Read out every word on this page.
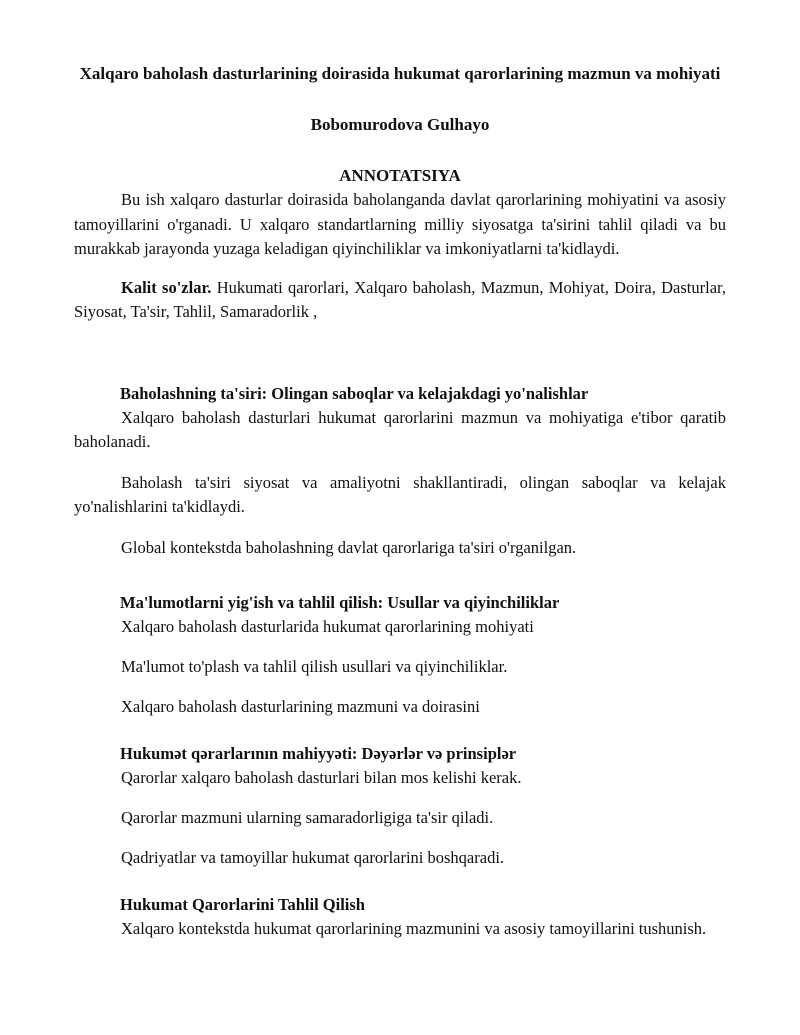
Xalqaro baholash dasturlarining doirasida hukumat qarorlarining mazmun va mohiyati

Bobomurodova Gulhayo

ANNOTATSIYA

Bu ish xalqaro dasturlar doirasida baholanganda davlat qarorlarining mohiyatini va asosiy tamoyillarini o'rganadi. U xalqaro standartlarning milliy siyosatga ta'sirini tahlil qiladi va bu murakkab jarayonda yuzaga keladigan qiyinchiliklar va imkoniyatlarni ta'kidlaydi.

Kalit so'zlar. Hukumati qarorlari, Xalqaro baholash, Mazmun, Mohiyat, Doira, Dasturlar, Siyosat, Ta'sir, Tahlil, Samaradorlik ,

Baholashning ta'siri: Olingan saboqlar va kelajakdagi yo'nalishlar

Xalqaro baholash dasturlari hukumat qarorlarini mazmun va mohiyatiga e'tibor qaratib baholanadi.

Baholash ta'siri siyosat va amaliyotni shakllantiradi, olingan saboqlar va kelajak yo'nalishlarini ta'kidlaydi.

Global kontekstda baholashning davlat qarorlariga ta'siri o'rganilgan.

Ma'lumotlarni yig'ish va tahlil qilish: Usullar va qiyinchiliklar

Xalqaro baholash dasturlarida hukumat qarorlarining mohiyati

Ma'lumot to'plash va tahlil qilish usullari va qiyinchiliklar.

Xalqaro baholash dasturlarining mazmuni va doirasini

Hukumət qərarlarının mahiyyəti: Dəyərlər və prinsiplər

Qarorlar xalqaro baholash dasturlari bilan mos kelishi kerak.

Qarorlar mazmuni ularning samaradorligiga ta'sir qiladi.

Qadriyatlar va tamoyillar hukumat qarorlarini boshqaradi.

Hukumat Qarorlarini Tahlil Qilish

Xalqaro kontekstda hukumat qarorlarining mazmunini va asosiy tamoyillarini tushunish.
